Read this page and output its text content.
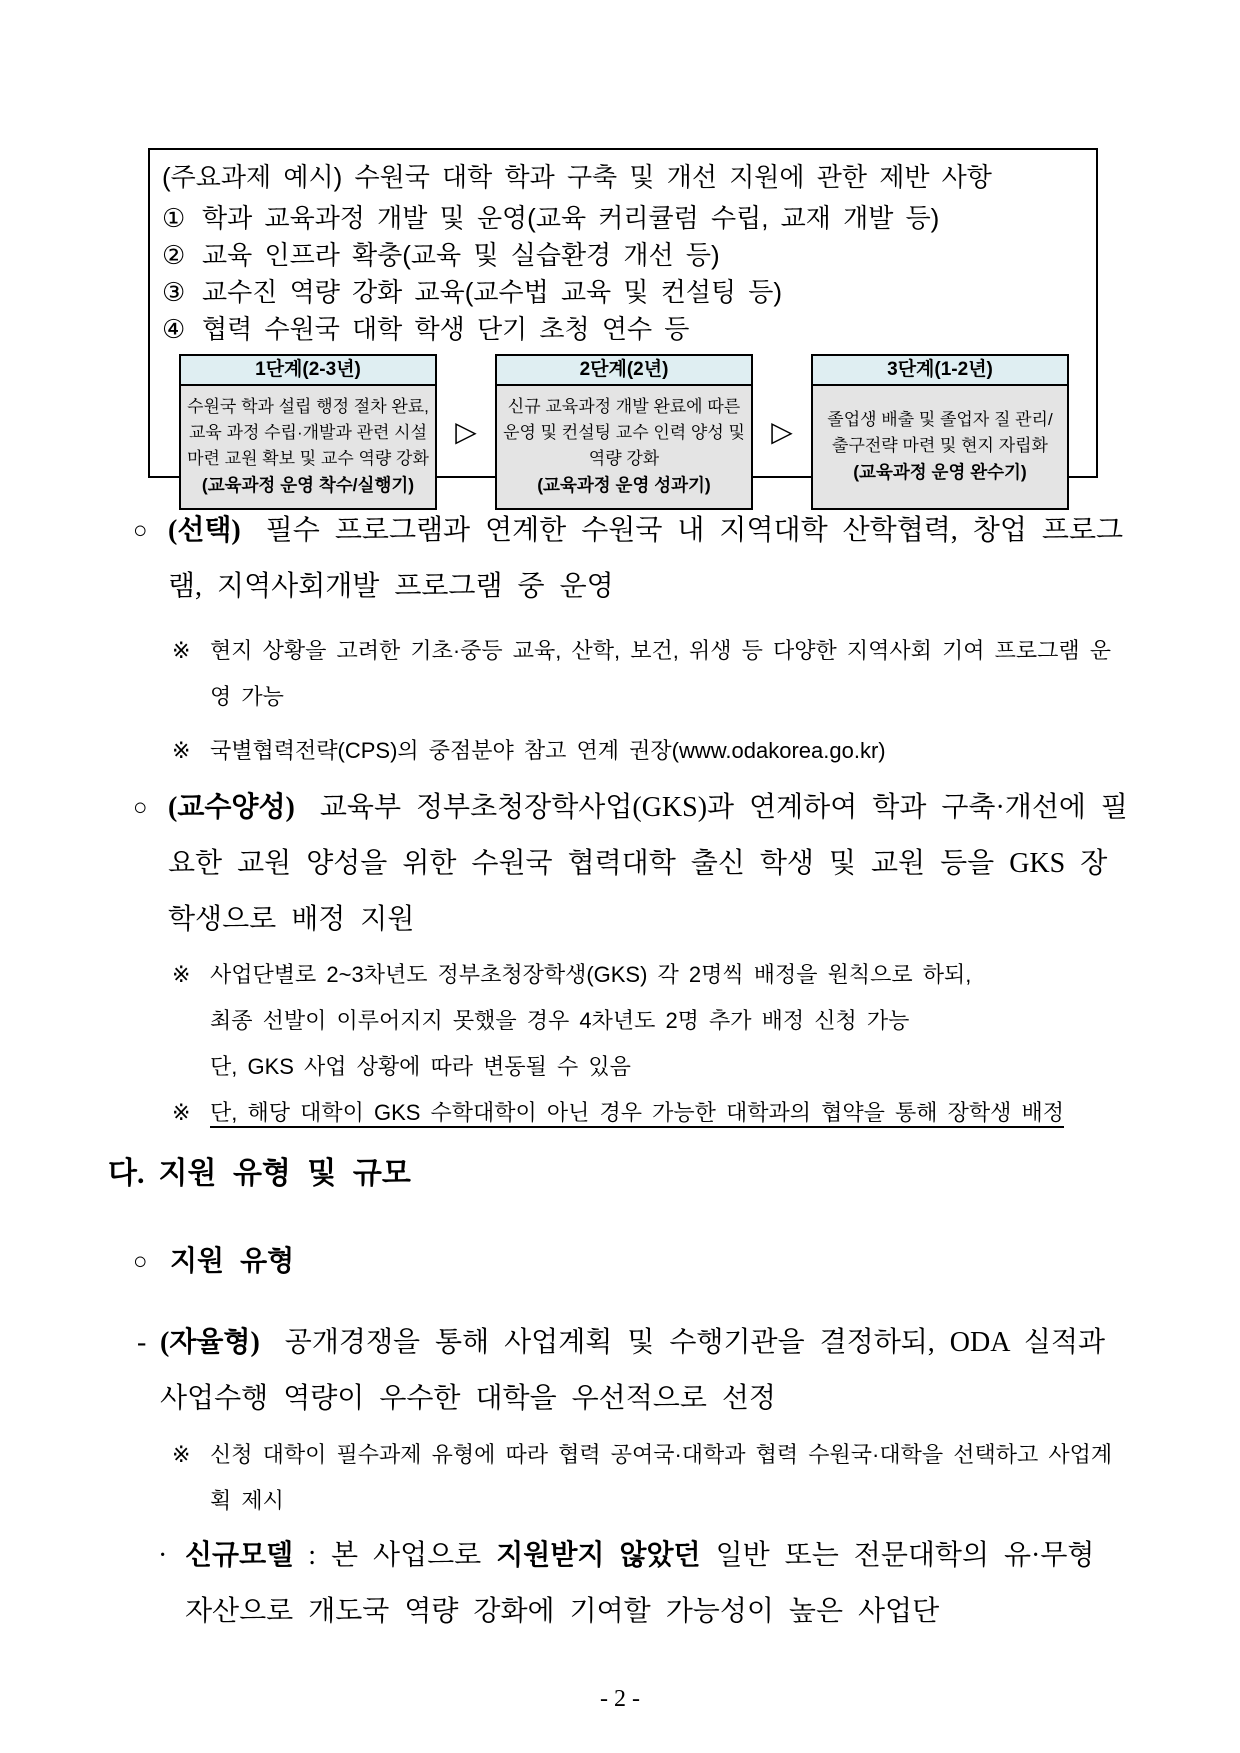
(주요과제 예시) 수원국 대학 학과 구축 및 개선 지원에 관한 제반 사항
① 학과 교육과정 개발 및 운영(교육 커리큘럼 수립, 교재 개발 등)
② 교육 인프라 확충(교육 및 실습환경 개선 등)
③ 교수진 역량 강화 교육(교수법 교육 및 컨설팅 등)
④ 협력 수원국 대학 학생 단기 초청 연수 등
1단계(2-3년)
수원국 학과 설립 행정 절차 완료, 교육 과정 수립·개발과 관련 시설 마련 교원 확보 및 교수 역량 강화
(교육과정 운영 착수/실행기)
▷
2단계(2년)
신규 교육과정 개발 완료에 따른 운영 및 컨설팅 교수 인력 양성 및 역량 강화
(교육과정 운영 성과기)
▷
3단계(1-2년)
졸업생 배출 및 졸업자 질 관리/ 출구전략 마련 및 현지 자립화
(교육과정 운영 완수기)
○ (선택) 필수 프로그램과 연계한 수원국 내 지역대학 산학협력, 창업 프로그램, 지역사회개발 프로그램 중 운영
※ 현지 상황을 고려한 기초·중등 교육, 산학, 보건, 위생 등 다양한 지역사회 기여 프로그램 운영 가능
※ 국별협력전략(CPS)의 중점분야 참고 연계 권장(www.odakorea.go.kr)
○ (교수양성) 교육부 정부초청장학사업(GKS)과 연계하여 학과 구축·개선에 필요한 교원 양성을 위한 수원국 협력대학 출신 학생 및 교원 등을 GKS 장학생으로 배정 지원
※ 사업단별로 2~3차년도 정부초청장학생(GKS) 각 2명씩 배정을 원칙으로 하되,
최종 선발이 이루어지지 못했을 경우 4차년도 2명 추가 배정 신청 가능
단, GKS 사업 상황에 따라 변동될 수 있음
※ 단, 해당 대학이 GKS 수학대학이 아닌 경우 가능한 대학과의 협약을 통해 장학생 배정
다. 지원 유형 및 규모
○ 지원 유형
- (자율형) 공개경쟁을 통해 사업계획 및 수행기관을 결정하되, ODA 실적과 사업수행 역량이 우수한 대학을 우선적으로 선정
※ 신청 대학이 필수과제 유형에 따라 협력 공여국·대학과 협력 수원국·대학을 선택하고 사업계획 제시
· 신규모델 : 본 사업으로 지원받지 않았던 일반 또는 전문대학의 유·무형 자산으로 개도국 역량 강화에 기여할 가능성이 높은 사업단
- 2 -
